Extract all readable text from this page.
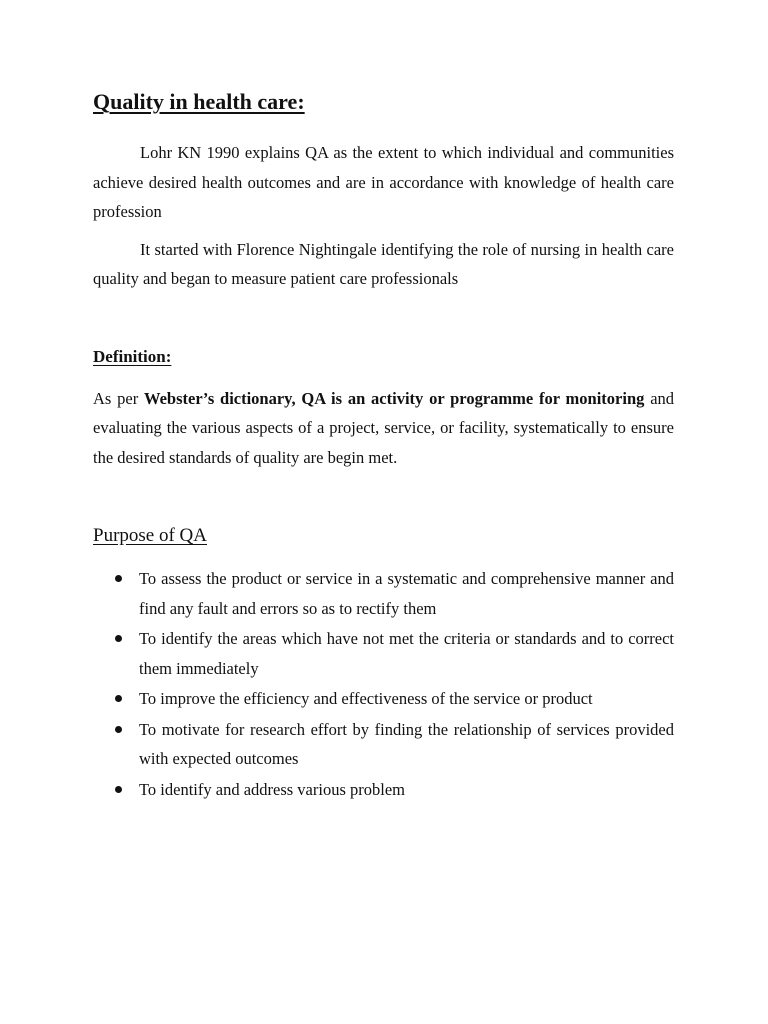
Quality in health care:

Lohr KN 1990 explains QA as the extent to which individual and communities achieve desired health outcomes and are in accordance with knowledge of health care profession

It started with Florence Nightingale identifying the role of nursing in health care quality and began to measure patient care professionals

Definition:

As per Webster’s dictionary, QA is an activity or programme for monitoring and evaluating the various aspects of a project, service, or facility, systematically to ensure the desired standards of quality are begin met.

Purpose of QA
To assess the product or service in a systematic and comprehensive manner and find any fault and errors so as to rectify them
To identify the areas which have not met the criteria or standards and to correct them immediately
To improve the efficiency and effectiveness of the service or product
To motivate for research effort by finding the relationship of services provided with expected outcomes
To identify and address various problem
